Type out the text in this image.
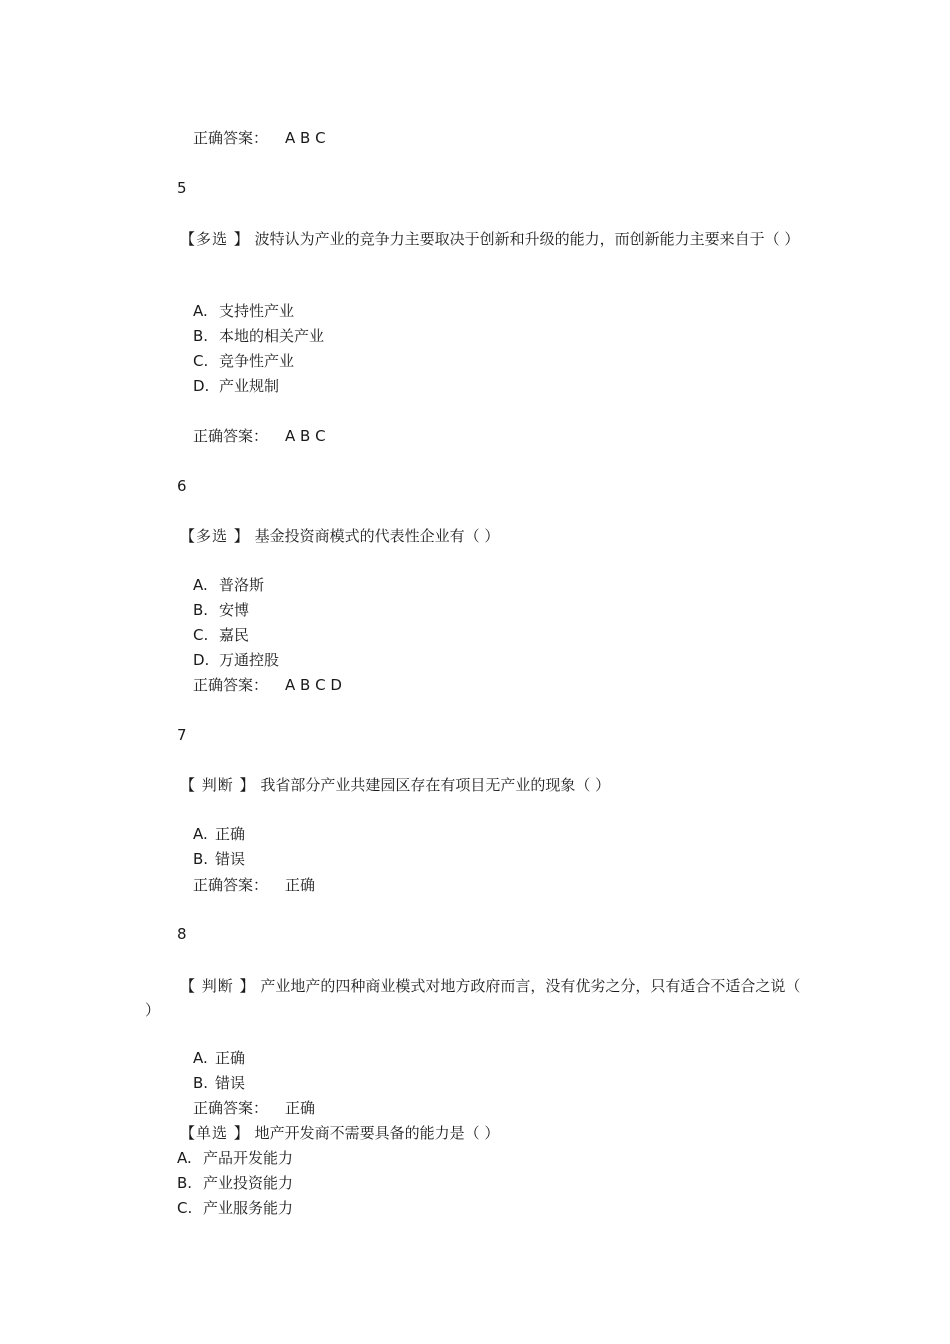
正确答案： A B C
5
【多选 】 波特认为产业的竞争力主要取决于创新和升级的能力，而创新能力主要来自于（ ）
A. 支持性产业
B. 本地的相关产业
C. 竞争性产业
D. 产业规制
正确答案： A B C
6
【多选 】 基金投资商模式的代表性企业有（ ）
A. 普洛斯
B. 安博
C. 嘉民
D. 万通控股
正确答案： A B C D
7
【 判断 】 我省部分产业共建园区存在有项目无产业的现象（ ）
A. 正确
B. 错误
正确答案： 正确
8
【 判断 】 产业地产的四种商业模式对地方政府而言，没有优劣之分，只有适合不适合之说（ ）
A. 正确
B. 错误
正确答案： 正确
【单选 】 地产开发商不需要具备的能力是（ ）
A. 产品开发能力
B. 产业投资能力
C. 产业服务能力
